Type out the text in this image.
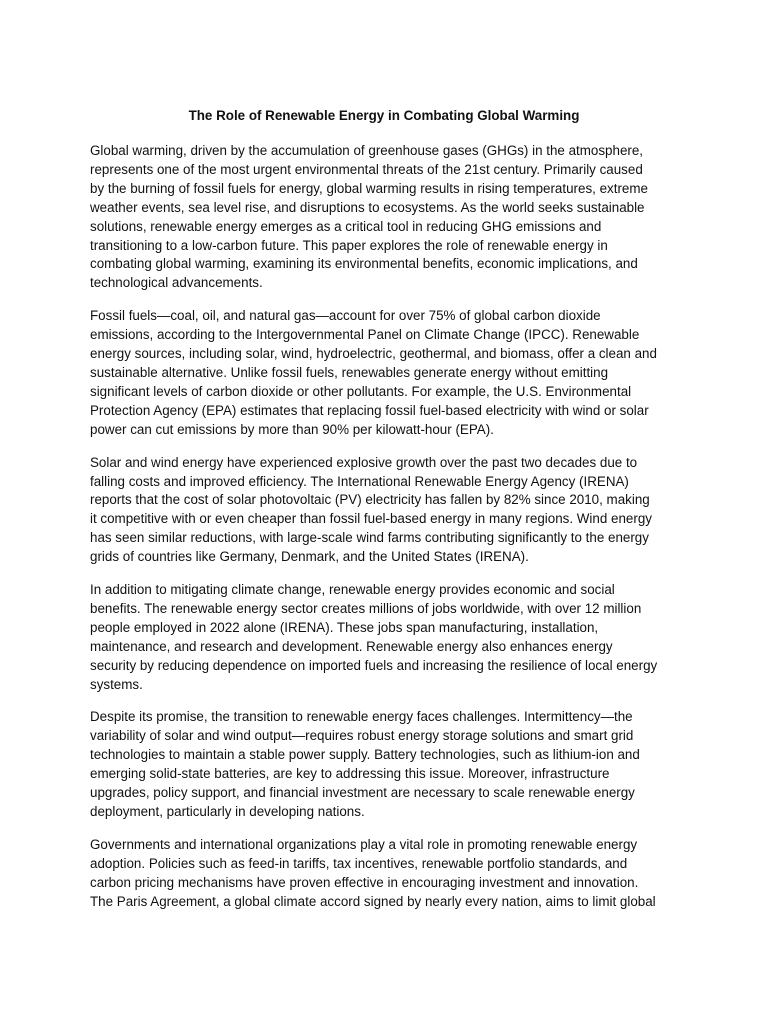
The Role of Renewable Energy in Combating Global Warming

Global warming, driven by the accumulation of greenhouse gases (GHGs) in the atmosphere,
represents one of the most urgent environmental threats of the 21st century. Primarily caused
by the burning of fossil fuels for energy, global warming results in rising temperatures, extreme
weather events, sea level rise, and disruptions to ecosystems. As the world seeks sustainable
solutions, renewable energy emerges as a critical tool in reducing GHG emissions and
transitioning to a low-carbon future. This paper explores the role of renewable energy in
combating global warming, examining its environmental benefits, economic implications, and
technological advancements.

Fossil fuels—coal, oil, and natural gas—account for over 75% of global carbon dioxide
emissions, according to the Intergovernmental Panel on Climate Change (IPCC). Renewable
energy sources, including solar, wind, hydroelectric, geothermal, and biomass, offer a clean and
sustainable alternative. Unlike fossil fuels, renewables generate energy without emitting
significant levels of carbon dioxide or other pollutants. For example, the U.S. Environmental
Protection Agency (EPA) estimates that replacing fossil fuel-based electricity with wind or solar
power can cut emissions by more than 90% per kilowatt-hour (EPA).

Solar and wind energy have experienced explosive growth over the past two decades due to
falling costs and improved efficiency. The International Renewable Energy Agency (IRENA)
reports that the cost of solar photovoltaic (PV) electricity has fallen by 82% since 2010, making
it competitive with or even cheaper than fossil fuel-based energy in many regions. Wind energy
has seen similar reductions, with large-scale wind farms contributing significantly to the energy
grids of countries like Germany, Denmark, and the United States (IRENA).

In addition to mitigating climate change, renewable energy provides economic and social
benefits. The renewable energy sector creates millions of jobs worldwide, with over 12 million
people employed in 2022 alone (IRENA). These jobs span manufacturing, installation,
maintenance, and research and development. Renewable energy also enhances energy
security by reducing dependence on imported fuels and increasing the resilience of local energy
systems.

Despite its promise, the transition to renewable energy faces challenges. Intermittency—the
variability of solar and wind output—requires robust energy storage solutions and smart grid
technologies to maintain a stable power supply. Battery technologies, such as lithium-ion and
emerging solid-state batteries, are key to addressing this issue. Moreover, infrastructure
upgrades, policy support, and financial investment are necessary to scale renewable energy
deployment, particularly in developing nations.

Governments and international organizations play a vital role in promoting renewable energy
adoption. Policies such as feed-in tariffs, tax incentives, renewable portfolio standards, and
carbon pricing mechanisms have proven effective in encouraging investment and innovation.
The Paris Agreement, a global climate accord signed by nearly every nation, aims to limit global
